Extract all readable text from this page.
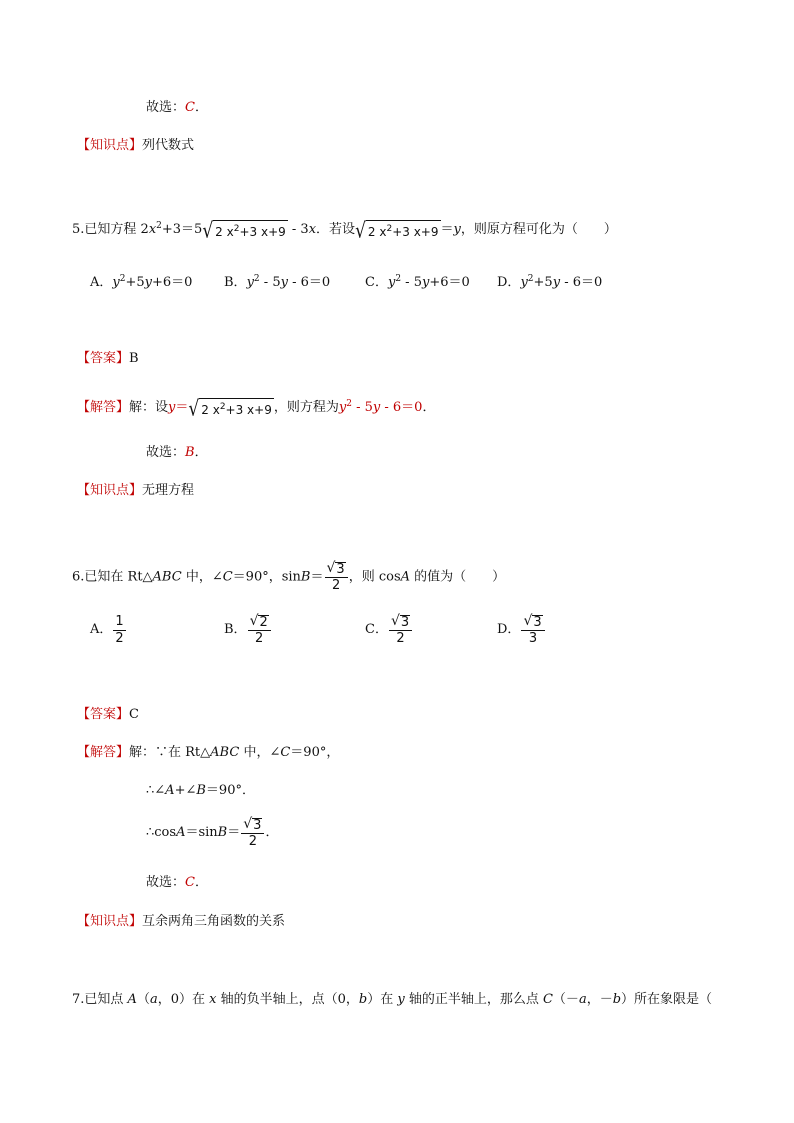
故选：C．
【知识点】列代数式
5.已知方程 $2x^2+3=5$ √ 2 $x^2+3$ x+9 - 3x．若设 √ 2 $x^2+3$ x+9 ＝y，则原方程可化为（　　）
A．$y^2+5y+6=0$ B．$y^2 - 5y - 6=0$	C．$y^2 - 5y+6=0$ D．$y^2+5y - 6=0$
【答案】B
【解答】解：设y＝ √ 2 $x^2+3$ x+9 ，则方程为$y^2 - 5y - 6=0$．
故选：B．
【知识点】无理方程
6.已知在 Rt△ABC 中，∠C＝90°，$\sin B= \frac{√ 3}{2}$ ，则 cosA 的值为（　　）
A． $\frac{1}{2}$	B． $\frac{√ 2}{2}$	C． $\frac{√ 3}{2}$	D． $\frac{√ 3}{3}$
【答案】C
【解答】解：∵在 Rt△ABC 中，∠C＝90°，
∴∠A+∠B＝90°．
∴cosA＝sinB＝ $\frac{√ 3}{2}$ ．
故选：C．
【知识点】互余两角三角函数的关系
7.已知点 A（a，0）在 x 轴的负半轴上，点（0，b）在 y 轴的正半轴上，那么点 C（－a，－b）所在象限是（
